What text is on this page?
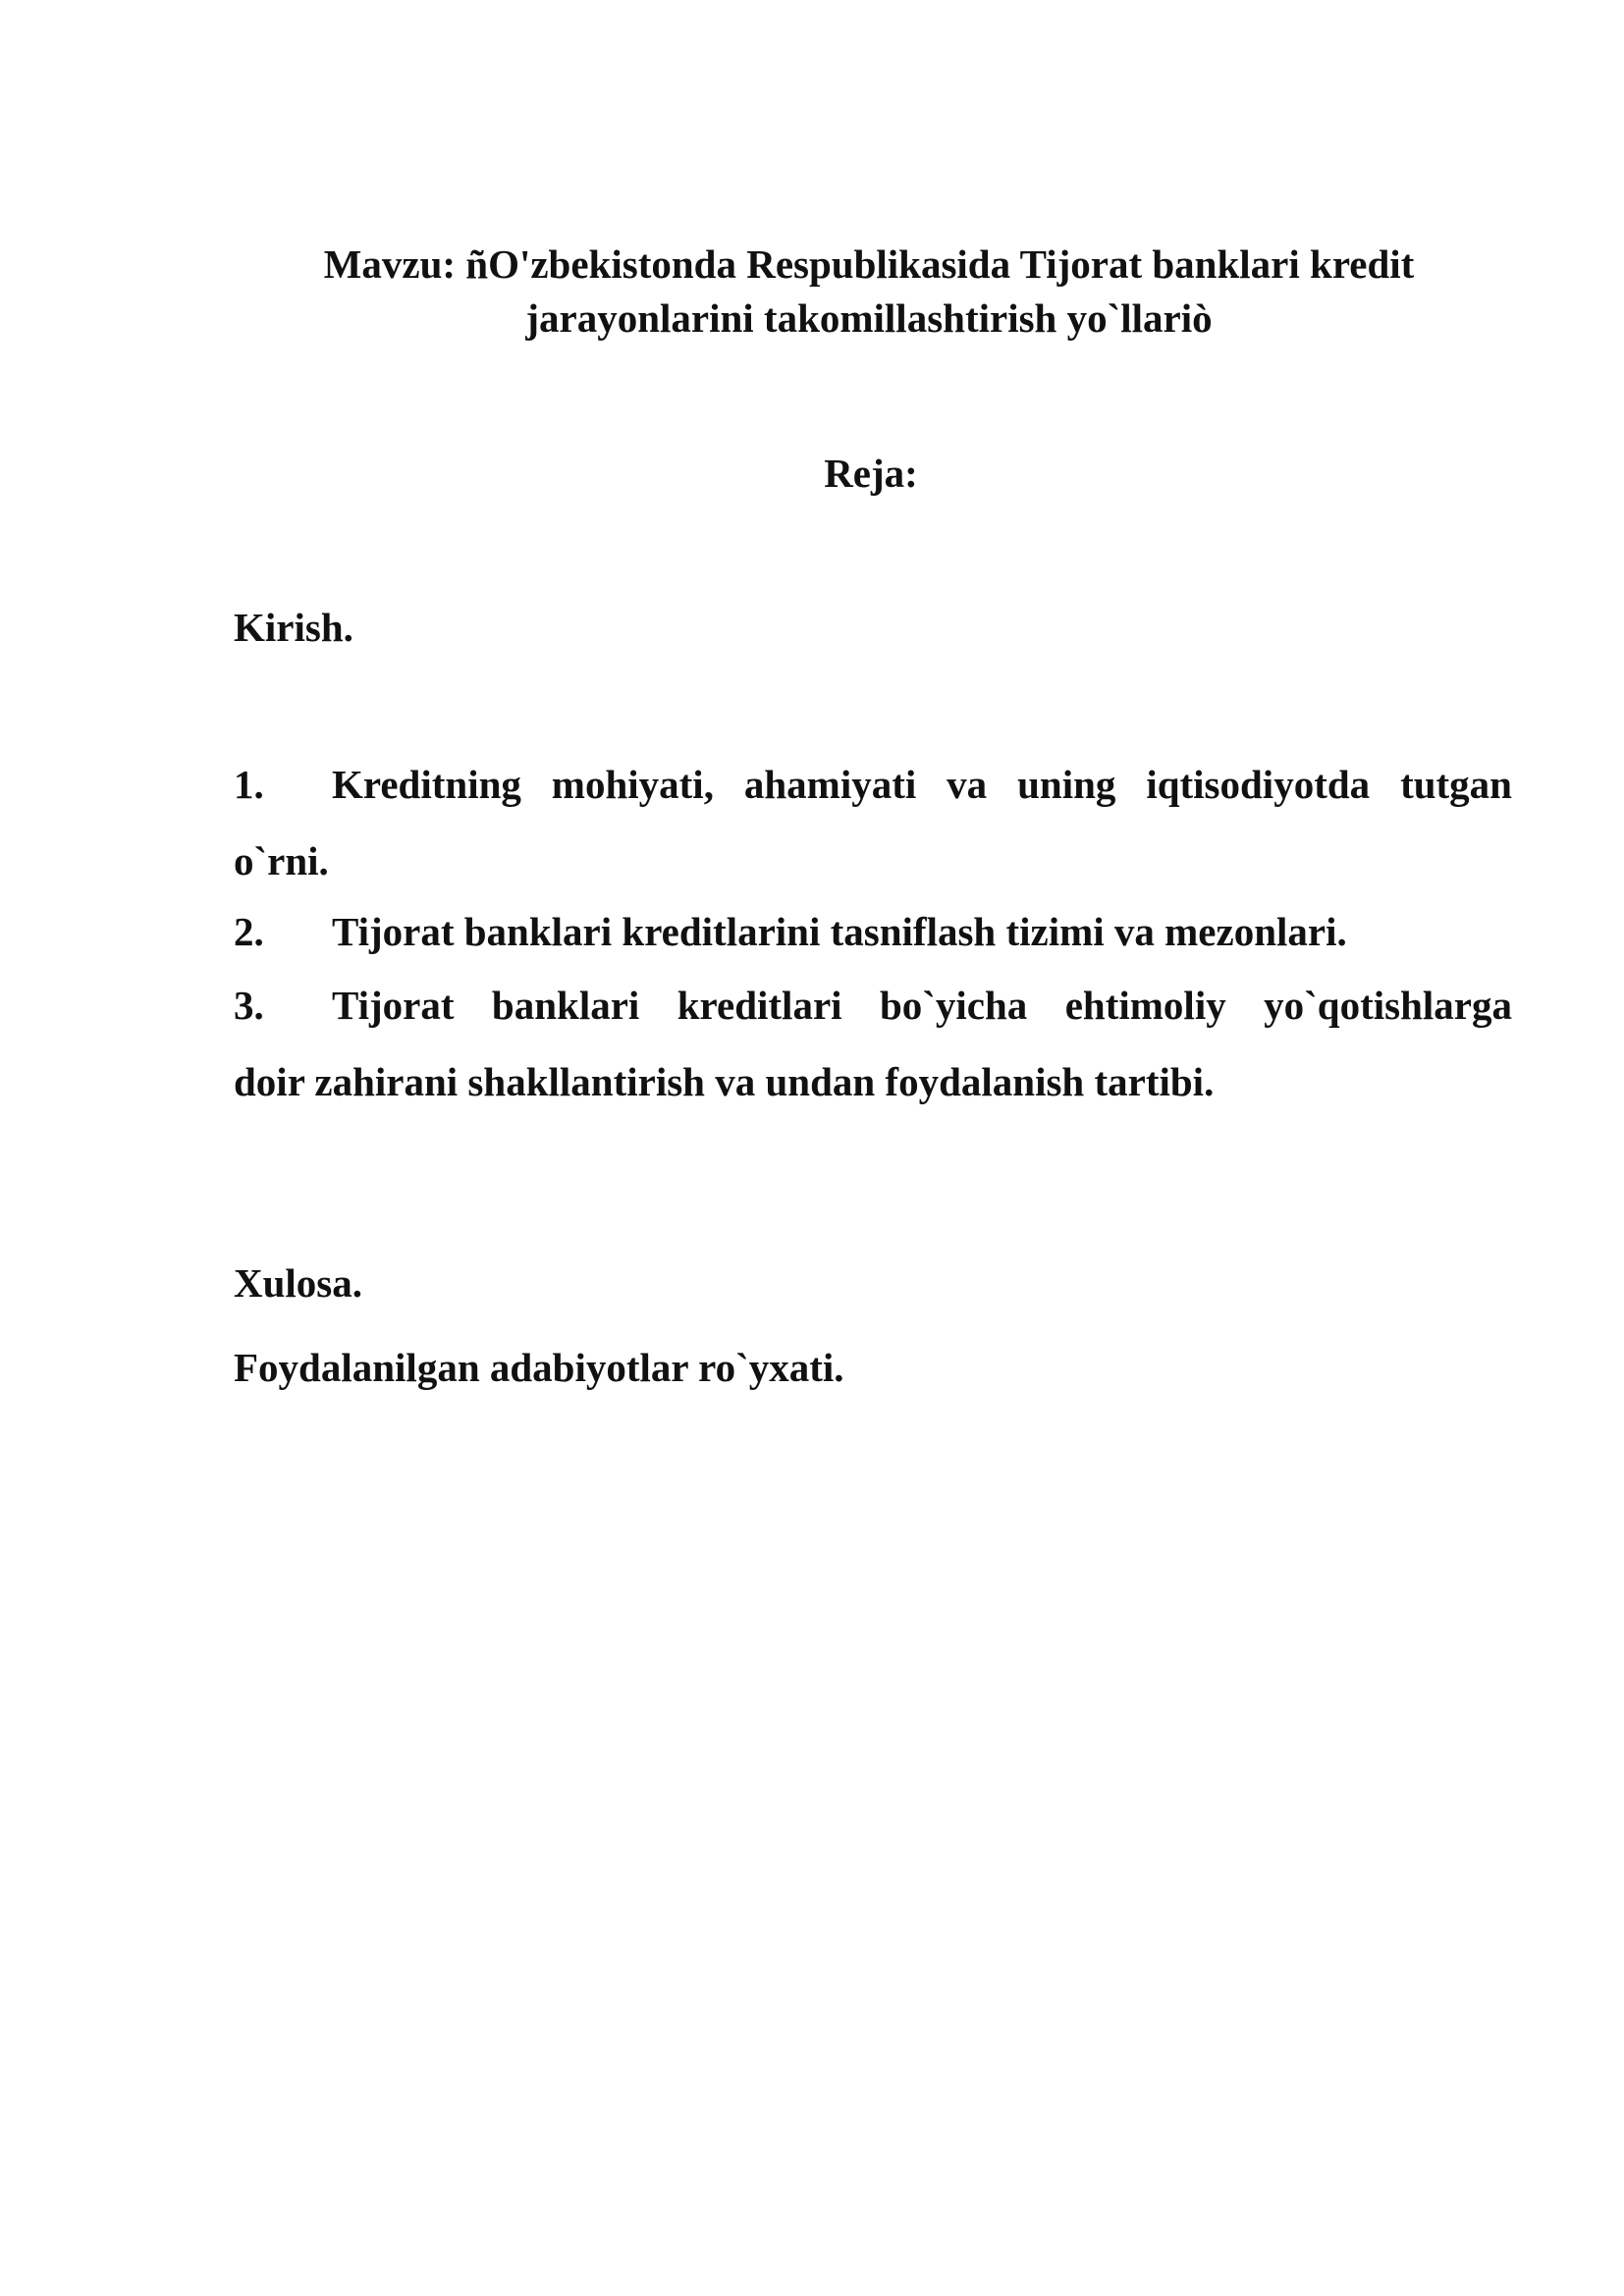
Mavzu: ñO'zbekistonda Respublikasida Tijorat banklari kredit
jarayonlarini takomillashtirish yo`llariò
Reja:
Kirish.
1. Kreditning mohiyati, ahamiyati va uning iqtisodiyotda tutgan
o`rni.
2. Tijorat banklari kreditlarini tasniflash tizimi va mezonlari.
3. Tijorat banklari kreditlari bo`yicha ehtimoliy yo`qotishlarga
doir zahirani shakllantirish va undan foydalanish tartibi.
Xulosa.
Foydalanilgan adabiyotlar ro`yxati.
